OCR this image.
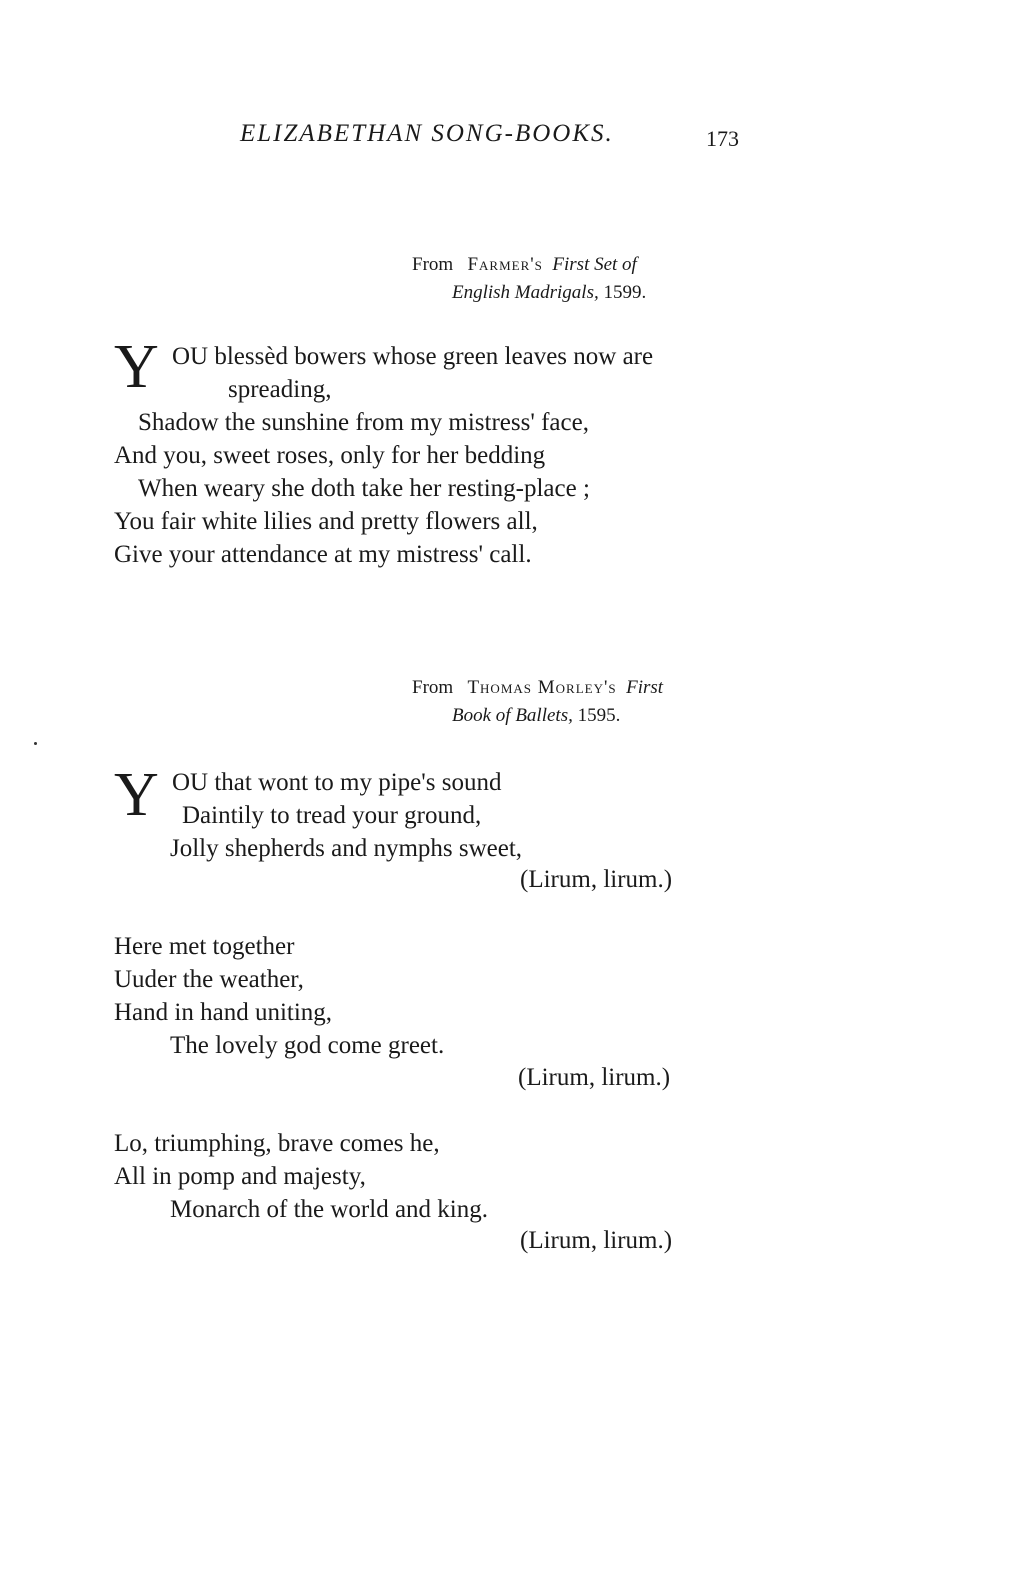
ELIZABETHAN SONG-BOOKS.	173
From Farmer's First Set of
English Madrigals, 1599.
Y OU blessèd bowers whose green leaves now are
spreading,
Shadow the sunshine from my mistress' face,
And you, sweet roses, only for her bedding
When weary she doth take her resting-place ;
You fair white lilies and pretty flowers all,
Give your attendance at my mistress' call.
From Thomas Morley's First
Book of Ballets, 1595.
Y OU that wont to my pipe's sound
Daintily to tread your ground,
Jolly shepherds and nymphs sweet,
(Lirum, lirum.)
Here met together
Uuder the weather,
Hand in hand uniting,
The lovely god come greet.
(Lirum, lirum.)
Lo, triumphing, brave comes he,
All in pomp and majesty,
Monarch of the world and king.
(Lirum, lirum.)
